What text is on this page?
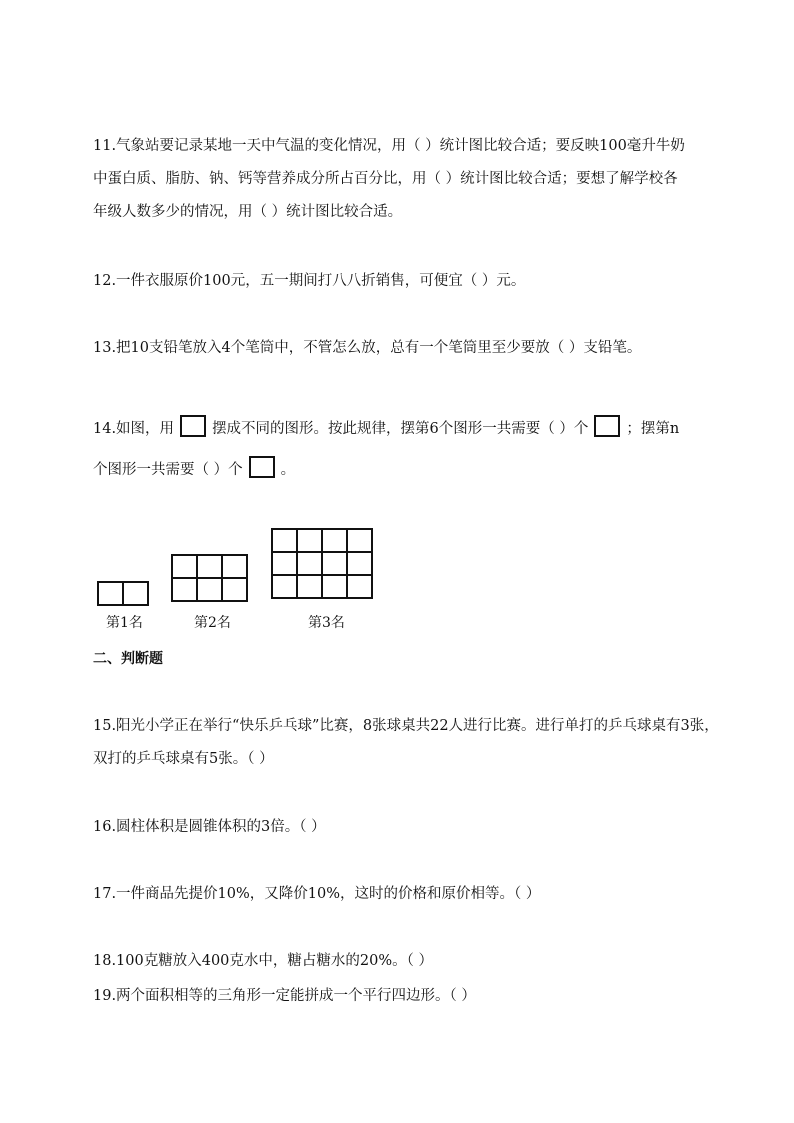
11.气象站要记录某地一天中气温的变化情况，用（ ）统计图比较合适；要反映100毫升牛奶
中蛋白质、脂肪、钠、钙等营养成分所占百分比，用（ ）统计图比较合适；要想了解学校各
年级人数多少的情况，用（ ）统计图比较合适。
12.一件衣服原价100元，五一期间打八八折销售，可便宜（ ）元。
13.把10支铅笔放入4个笔筒中，不管怎么放，总有一个笔筒里至少要放（ ）支铅笔。
14.如图，用	摆成不同的图形。按此规律，摆第6个图形一共需要（ ）个	；摆第n
个图形一共需要（ ）个	。

第1名	第2名	第3名
二、判断题
15.阳光小学正在举行“快乐乒乓球”比赛，8张球桌共22人进行比赛。进行单打的乒乓球桌有3张，
双打的乒乓球桌有5张。（ ）
16.圆柱体积是圆锥体积的3倍。（ ）
17.一件商品先提价10%，又降价10%，这时的价格和原价相等。（ ）
18.100克糖放入400克水中，糖占糖水的20%。（ ）
19.两个面积相等的三角形一定能拼成一个平行四边形。（ ）
